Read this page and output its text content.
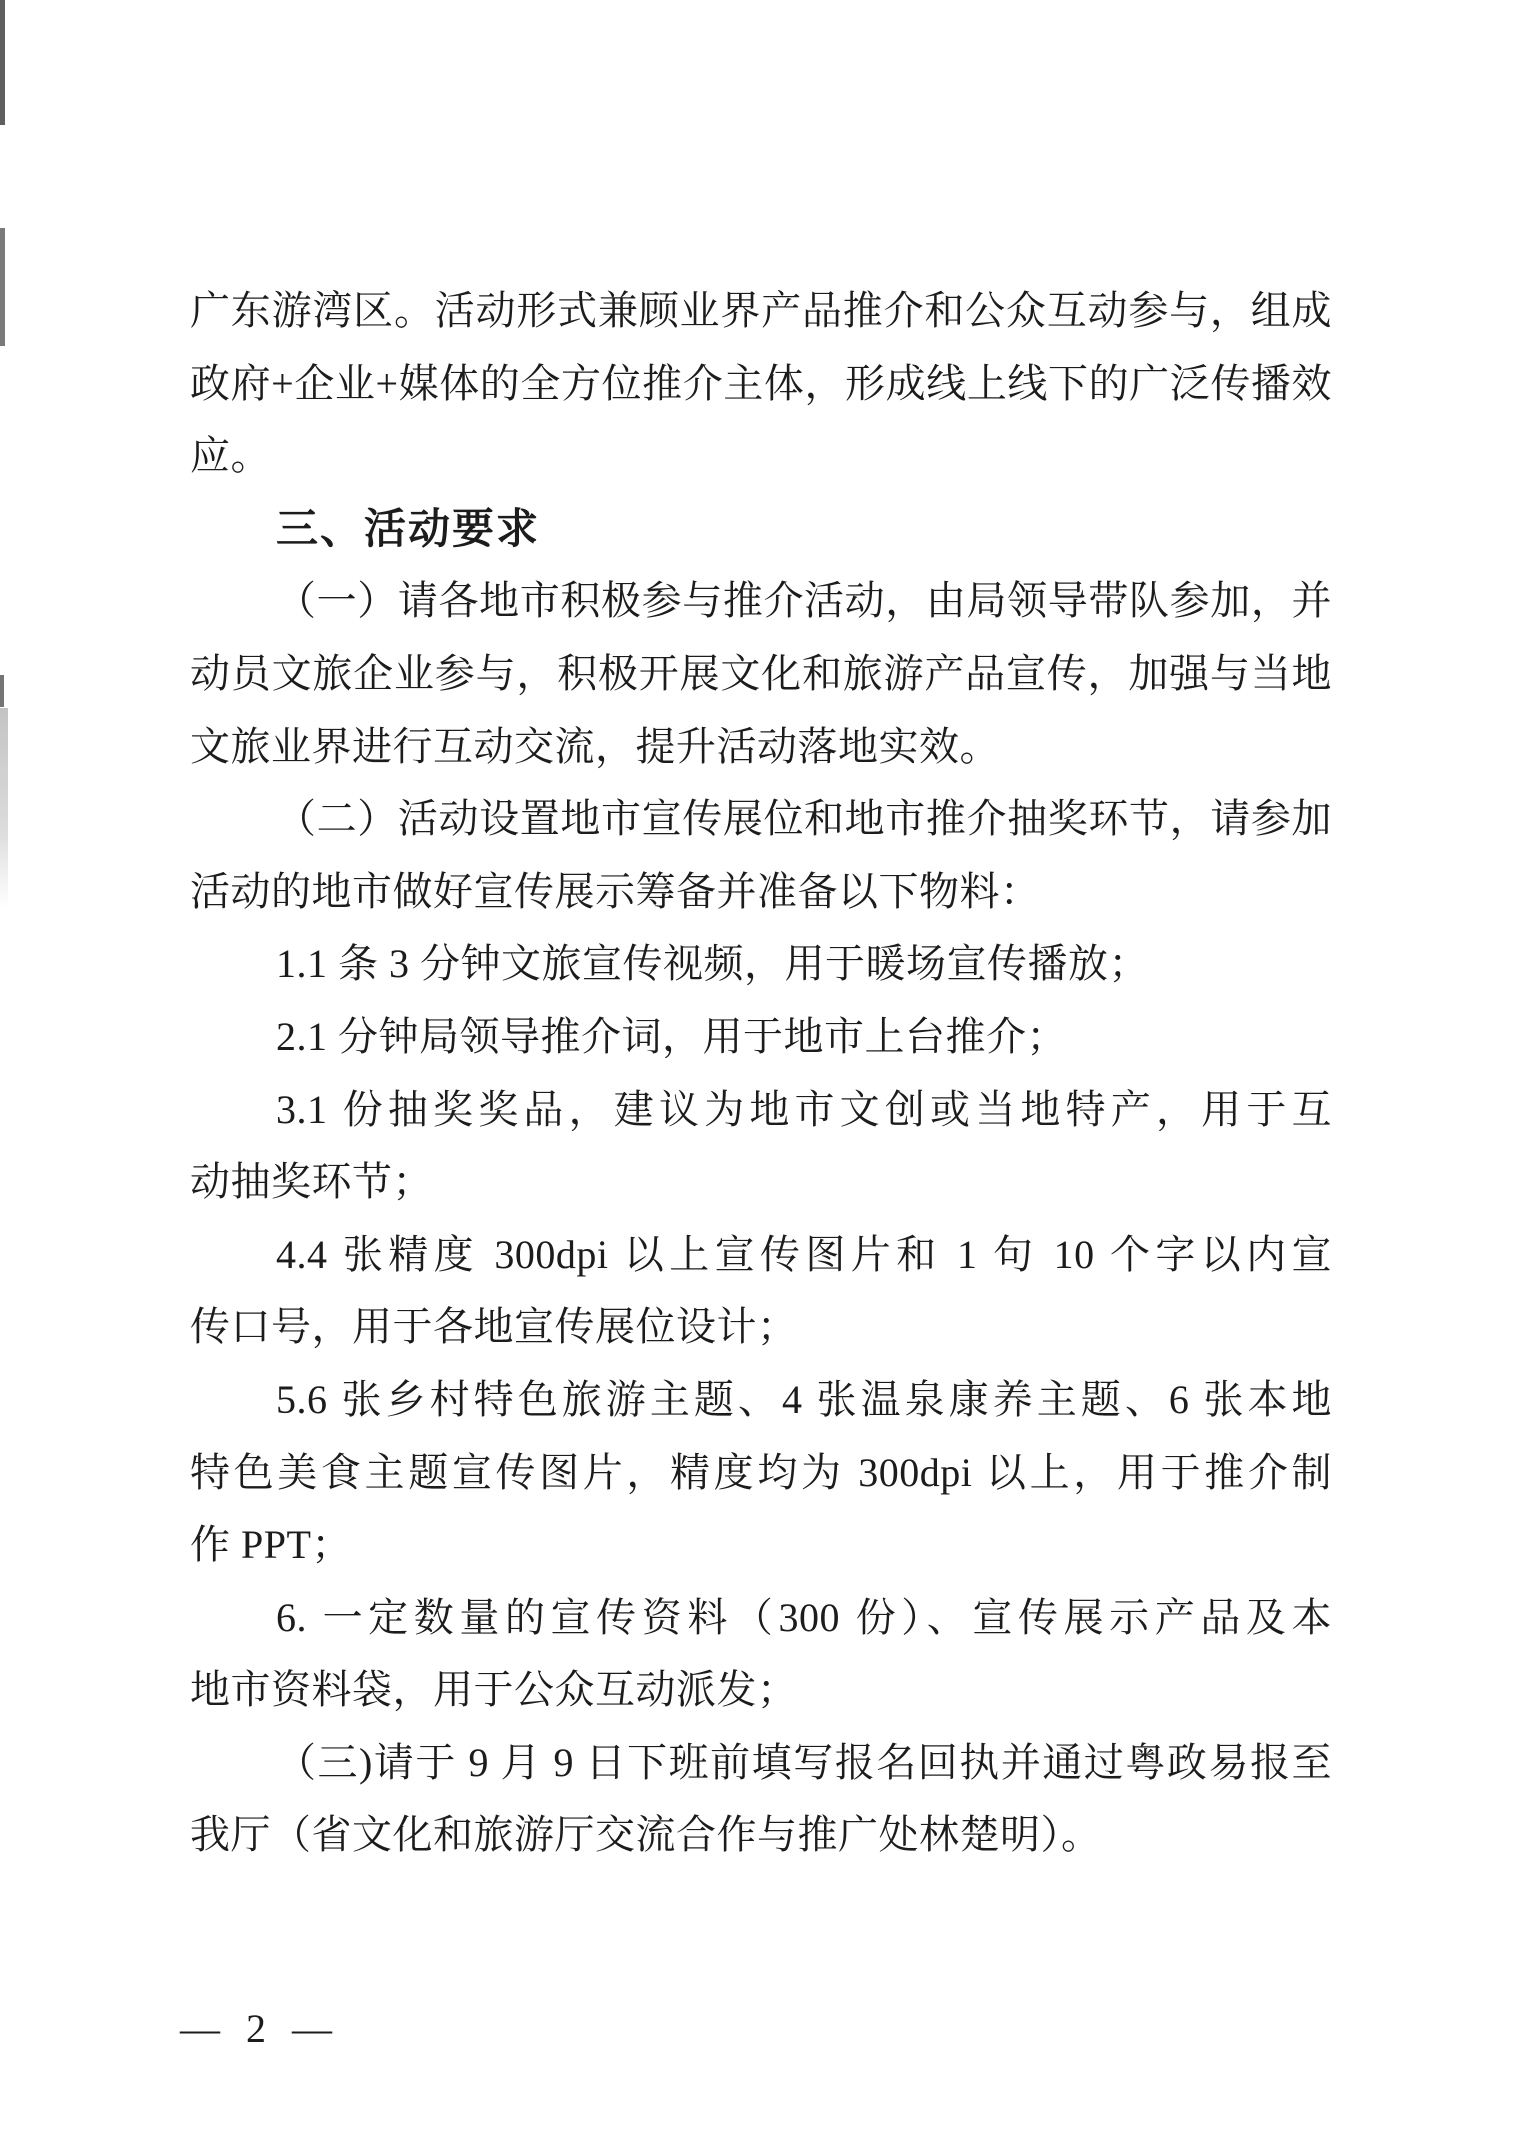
广东游湾区。活动形式兼顾业界产品推介和公众互动参与，组成
政府+企业+媒体的全方位推介主体，形成线上线下的广泛传播效
应。
三、活动要求
（一）请各地市积极参与推介活动，由局领导带队参加，并
动员文旅企业参与，积极开展文化和旅游产品宣传，加强与当地
文旅业界进行互动交流，提升活动落地实效。
（二）活动设置地市宣传展位和地市推介抽奖环节，请参加
活动的地市做好宣传展示筹备并准备以下物料：
1.1 条 3 分钟文旅宣传视频，用于暖场宣传播放；
2.1 分钟局领导推介词，用于地市上台推介；
3.1 份抽奖奖品，建议为地市文创或当地特产，用于互
动抽奖环节；
4.4 张精度 300dpi 以上宣传图片和 1 句 10 个字以内宣
传口号，用于各地宣传展位设计；
5.6 张乡村特色旅游主题、4 张温泉康养主题、6 张本地
特色美食主题宣传图片，精度均为 300dpi 以上，用于推介制
作 PPT；
6. 一定数量的宣传资料（300 份）、宣传展示产品及本
地市资料袋，用于公众互动派发；
（三)请于 9 月 9 日下班前填写报名回执并通过粤政易报至
我厅（省文化和旅游厅交流合作与推广处林楚明）。
— 2 —
